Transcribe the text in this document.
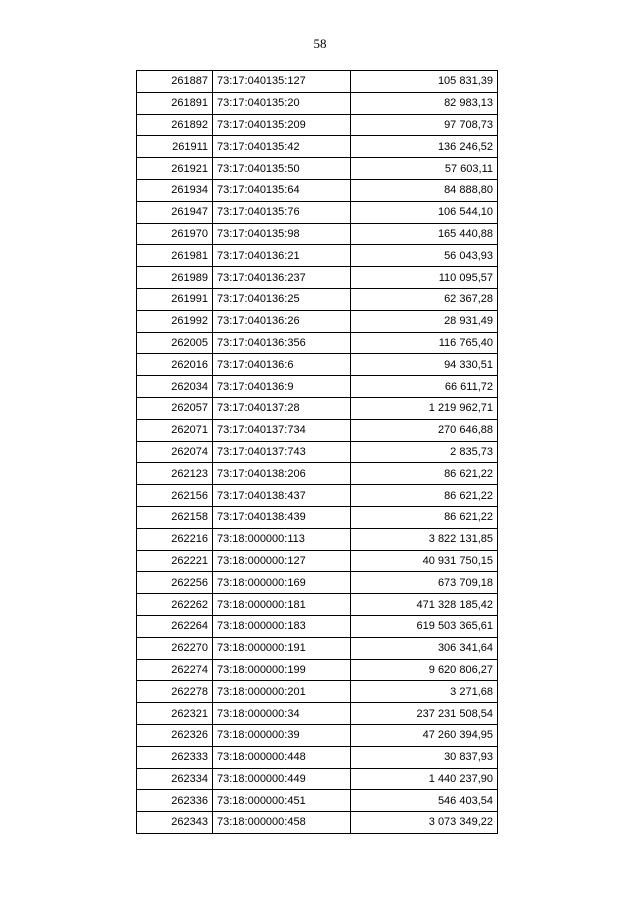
58
261887	73:17:040135:127	105 831,39
261891	73:17:040135:20	82 983,13
261892	73:17:040135:209	97 708,73
261911	73:17:040135:42	136 246,52
261921	73:17:040135:50	57 603,11
261934	73:17:040135:64	84 888,80
261947	73:17:040135:76	106 544,10
261970	73:17:040135:98	165 440,88
261981	73:17:040136:21	56 043,93
261989	73:17:040136:237	110 095,57
261991	73:17:040136:25	62 367,28
261992	73:17:040136:26	28 931,49
262005	73:17:040136:356	116 765,40
262016	73:17:040136:6	94 330,51
262034	73:17:040136:9	66 611,72
262057	73:17:040137:28	1 219 962,71
262071	73:17:040137:734	270 646,88
262074	73:17:040137:743	2 835,73
262123	73:17:040138:206	86 621,22
262156	73:17:040138:437	86 621,22
262158	73:17:040138:439	86 621,22
262216	73:18:000000:113	3 822 131,85
262221	73:18:000000:127	40 931 750,15
262256	73:18:000000:169	673 709,18
262262	73:18:000000:181	471 328 185,42
262264	73:18:000000:183	619 503 365,61
262270	73:18:000000:191	306 341,64
262274	73:18:000000:199	9 620 806,27
262278	73:18:000000:201	3 271,68
262321	73:18:000000:34	237 231 508,54
262326	73:18:000000:39	47 260 394,95
262333	73:18:000000:448	30 837,93
262334	73:18:000000:449	1 440 237,90
262336	73:18:000000:451	546 403,54
262343	73:18:000000:458	3 073 349,22
